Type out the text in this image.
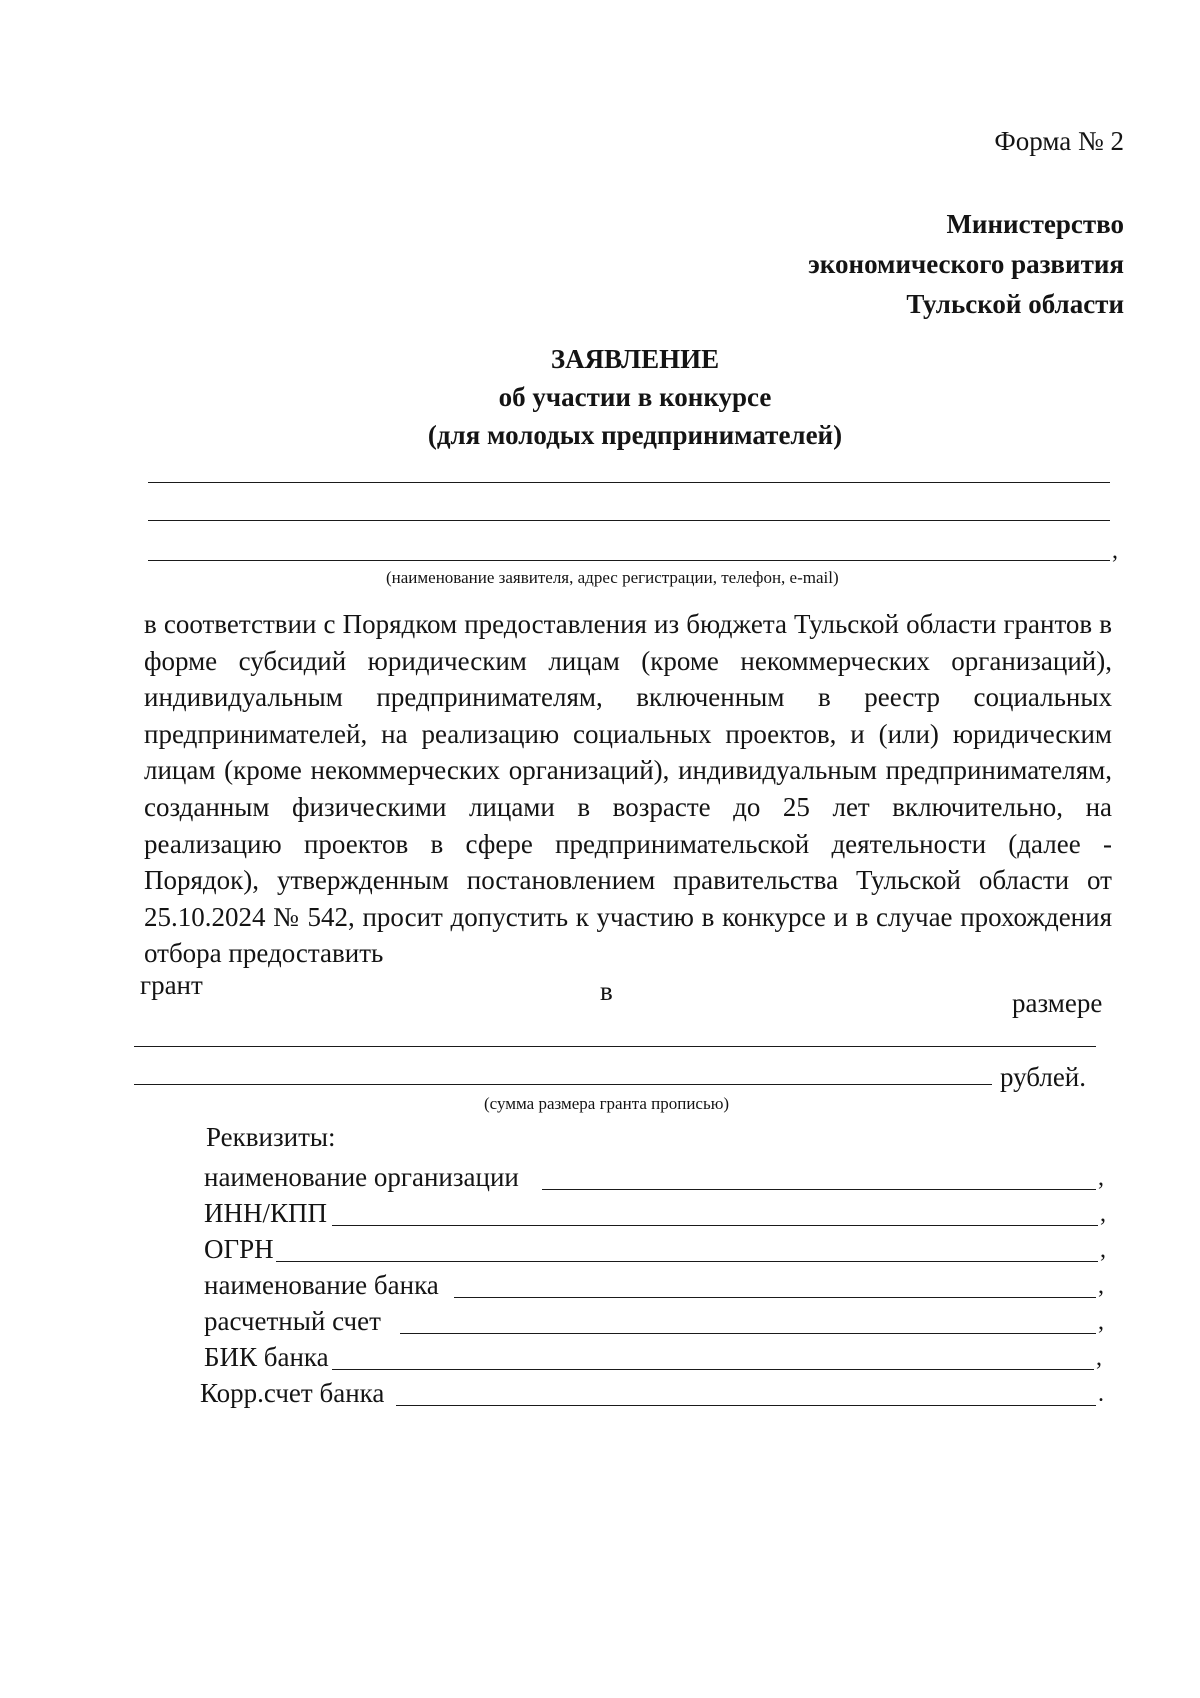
Форма № 2
Министерство
экономического развития
Тульской области
ЗАЯВЛЕНИЕ
об участии в конкурсе
(для молодых предпринимателей)
,
(наименование заявителя, адрес регистрации, телефон, e-mail)
в соответствии с Порядком предоставления из бюджета Тульской области грантов в форме субсидий юридическим лицам (кроме некоммерческих организаций), индивидуальным предпринимателям, включенным в реестр социальных предпринимателей, на реализацию социальных проектов, и (или) юридическим лицам (кроме некоммерческих организаций), индивидуальным предпринимателям, созданным физическими лицами в возрасте до 25 лет включительно, на реализацию проектов в сфере предпринимательской деятельности (далее - Порядок), утвержденным постановлением правительства Тульской области от 25.10.2024 № 542, просит допустить к участию в конкурсе и в случае прохождения отбора предоставить
грант	в	размере
рублей.
(сумма размера гранта прописью)
Реквизиты:
наименование организации	,
ИНН/КПП	,
ОГРН	,
наименование банка	,
расчетный счет	,
БИК банка	,
Корр.счет банка	.
